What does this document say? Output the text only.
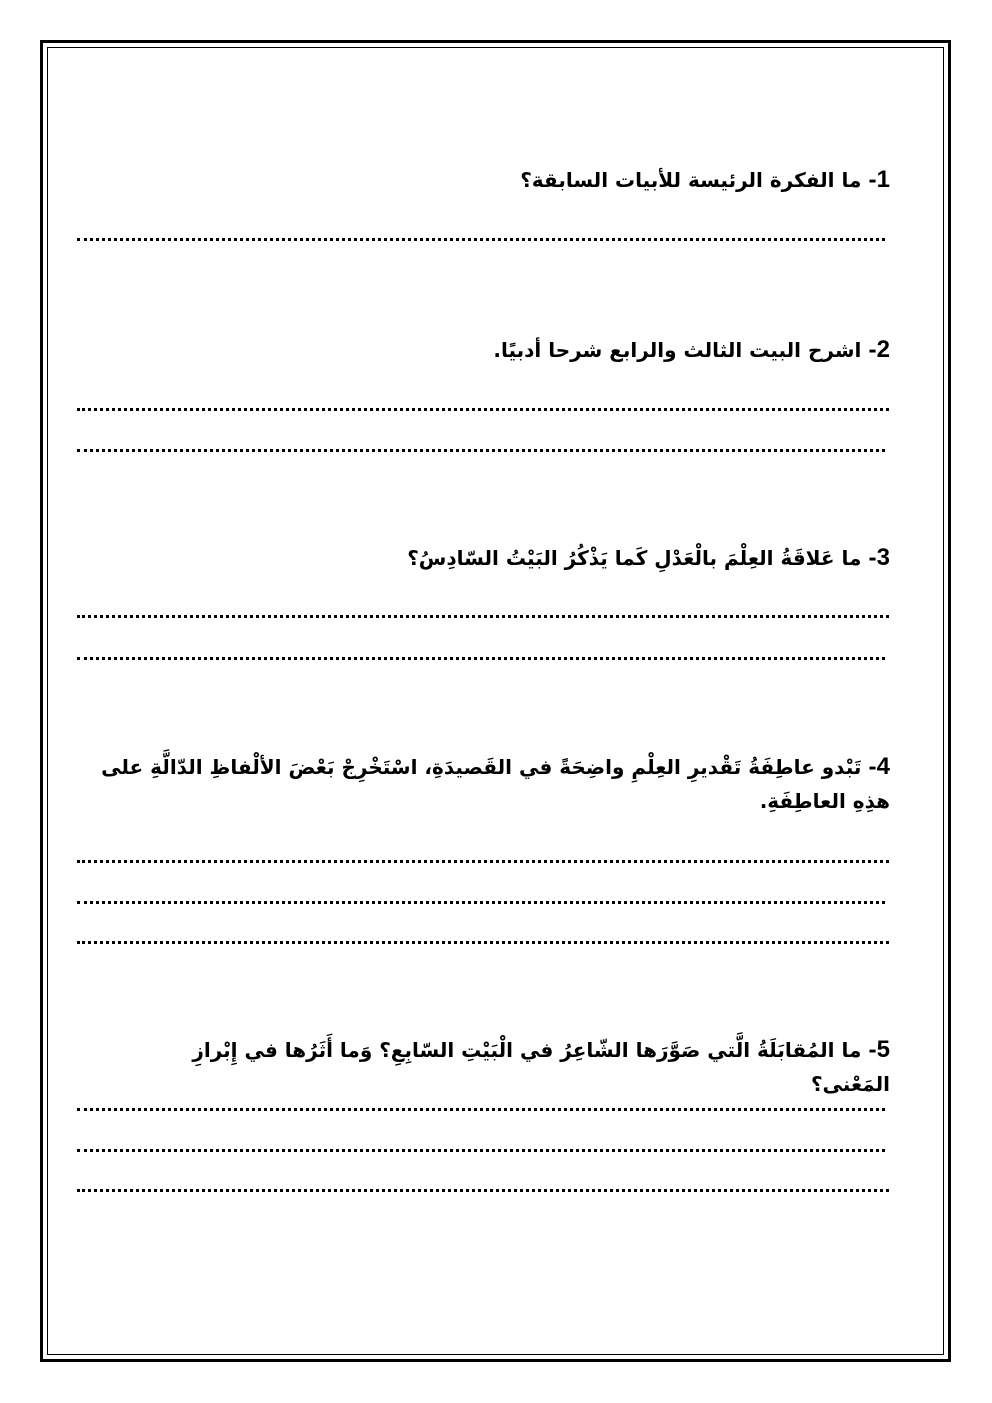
1- ما الفكرة الرئيسة للأبيات السابقة؟
2- اشرح البيت الثالث والرابع شرحا أدبيًا.
3- ما عَلاقَةُ العِلْمَ بالْعَدْلِ كَما يَذْكُرُ البَيْتُ السّادِسُ؟
4- تَبْدو عاطِفَةُ تَقْديرِ العِلْمِ واضِحَةً في القَصيدَةِ، اسْتَخْرِجْ بَعْضَ الألْفاظِ الدّالَّةِ على هذِهِ العاطِفَةِ.
5- ما المُقابَلَةُ الَّتي صَوَّرَها الشّاعِرُ في الْبَيْتِ السّابِعِ؟ وَما أَثَرُها في إِبْرازِ المَعْنى؟
